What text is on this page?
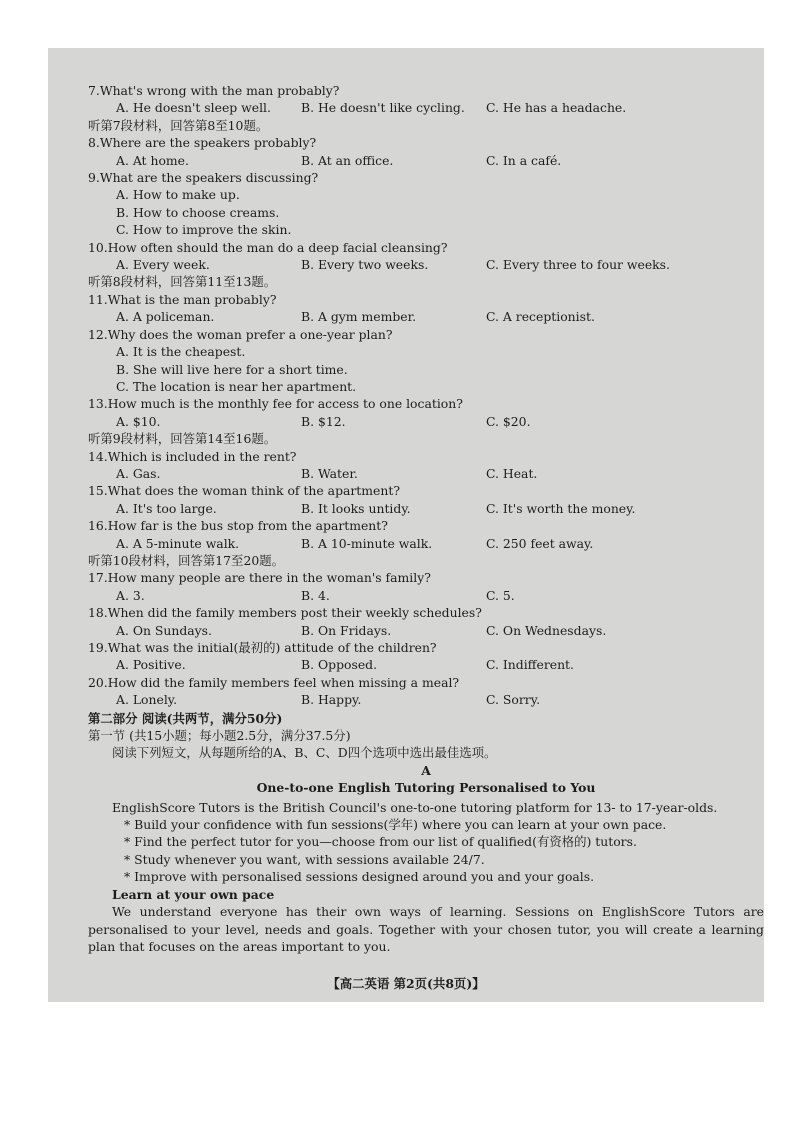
7.What's wrong with the man probably?
A. He doesn't sleep well.	B. He doesn't like cycling.	C. He has a headache.
听第7段材料，回答第8至10题。
8.Where are the speakers probably?
A. At home.	B. At an office.	C. In a café.
9.What are the speakers discussing?
A. How to make up.
B. How to choose creams.
C. How to improve the skin.
10.How often should the man do a deep facial cleansing?
A. Every week.	B. Every two weeks.	C. Every three to four weeks.
听第8段材料，回答第11至13题。
11.What is the man probably?
A. A policeman.	B. A gym member.	C. A receptionist.
12.Why does the woman prefer a one-year plan?
A. It is the cheapest.
B. She will live here for a short time.
C. The location is near her apartment.
13.How much is the monthly fee for access to one location?
A. $10.	B. $12.	C. $20.
听第9段材料，回答第14至16题。
14.Which is included in the rent?
A. Gas.	B. Water.	C. Heat.
15.What does the woman think of the apartment?
A. It's too large.	B. It looks untidy.	C. It's worth the money.
16.How far is the bus stop from the apartment?
A. A 5-minute walk.	B. A 10-minute walk.	C. 250 feet away.
听第10段材料，回答第17至20题。
17.How many people are there in the woman's family?
A. 3.	B. 4.	C. 5.
18.When did the family members post their weekly schedules?
A. On Sundays.	B. On Fridays.	C. On Wednesdays.
19.What was the initial(最初的) attitude of the children?
A. Positive.	B. Opposed.	C. Indifferent.
20.How did the family members feel when missing a meal?
A. Lonely.	B. Happy.	C. Sorry.
第二部分 阅读(共两节，满分50分)
第一节 (共15小题；每小题2.5分，满分37.5分)
阅读下列短文，从每题所给的A、B、C、D四个选项中选出最佳选项。
A
One-to-one English Tutoring Personalised to You
EnglishScore Tutors is the British Council's one-to-one tutoring platform for 13- to 17-year-olds.
* Build your confidence with fun sessions(学年) where you can learn at your own pace.
* Find the perfect tutor for you—choose from our list of qualified(有资格的) tutors.
* Study whenever you want, with sessions available 24/7.
* Improve with personalised sessions designed around you and your goals.
Learn at your own pace
We understand everyone has their own ways of learning. Sessions on EnglishScore Tutors are personalised to your level, needs and goals. Together with your chosen tutor, you will create a learning plan that focuses on the areas important to you.
【高二英语 第2页(共8页)】
